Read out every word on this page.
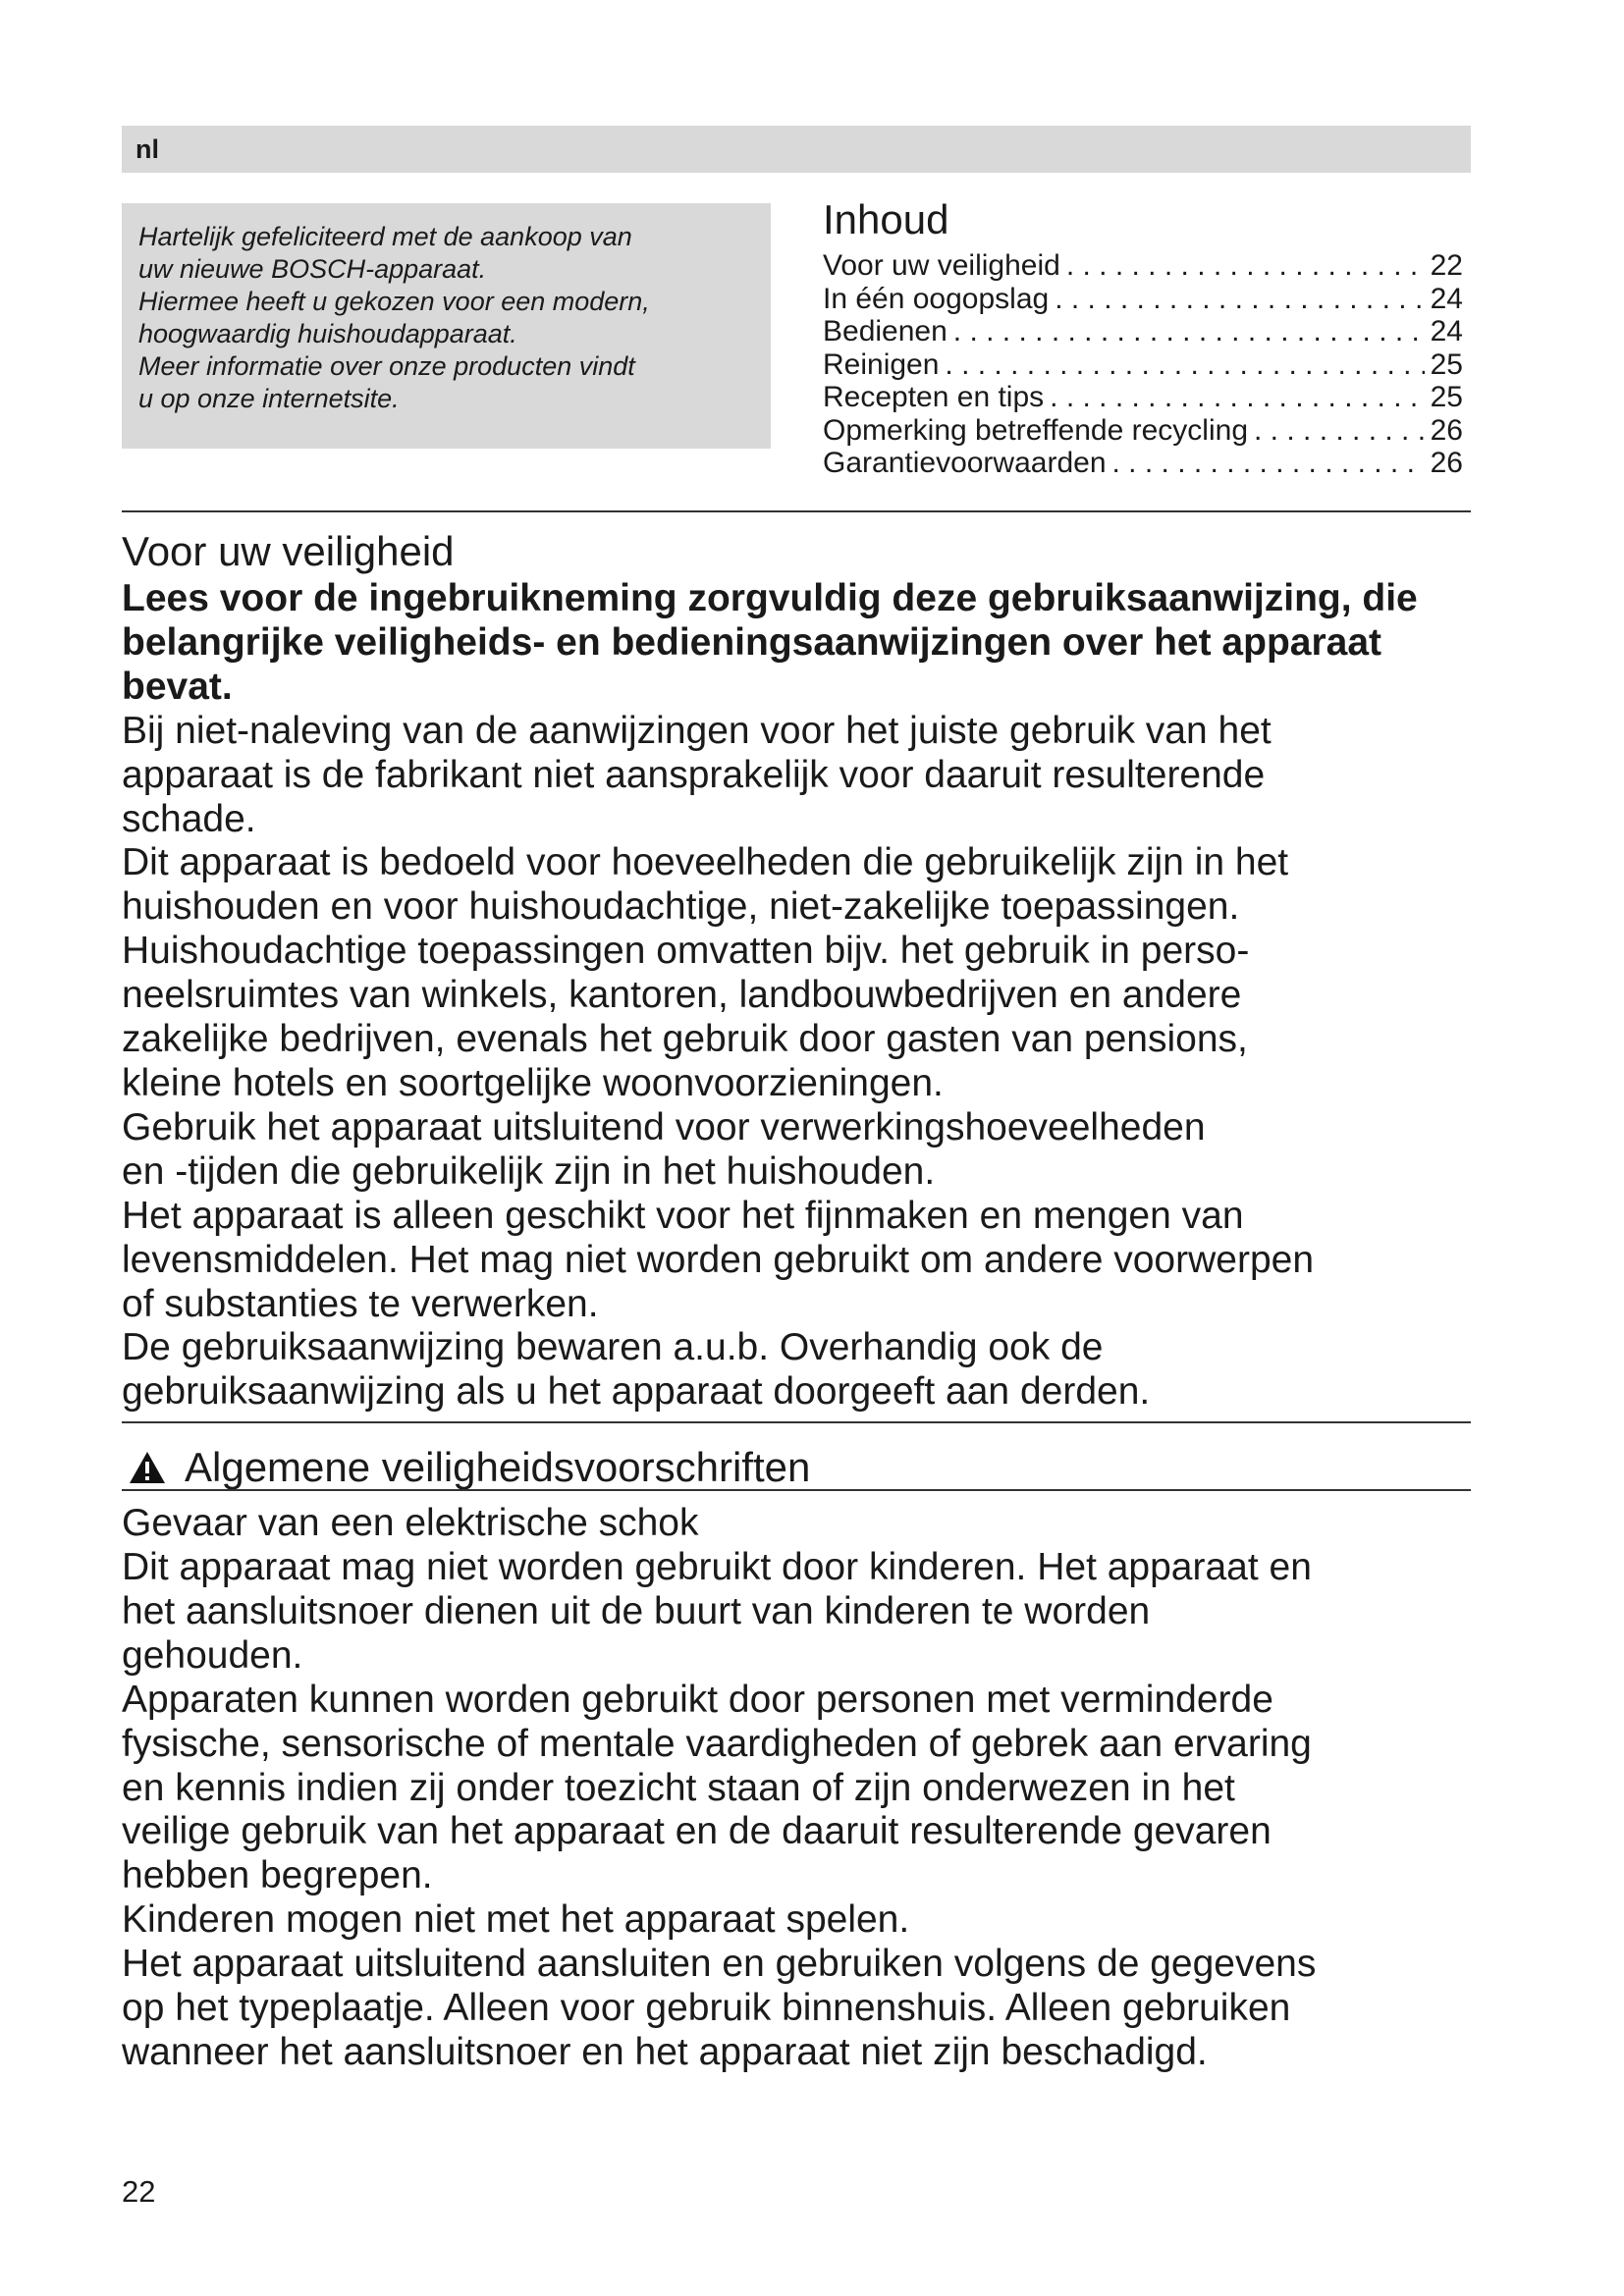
nl

Hartelijk gefeliciteerd met de aankoop van

uw nieuwe BOSCH-apparaat.

Hiermee heeft u gekozen voor een modern,

hoogwaardig huishoudapparaat.

Meer informatie over onze producten vindt

u op onze internetsite.

Inhoud
Voor uw veiligheid . . .	22
In één oogopslag . . .	24
Bedienen . . .	24
Reinigen . . .	25
Recepten en tips . . .	25
Opmerking betreffende recycling . . .	26
Garantievoorwaarden . . .	26
Voor uw veiligheid

Lees voor de ingebruikneming zorgvuldig deze gebruiksaanwijzing, die belangrijke veiligheids- en bedieningsaanwijzingen over het apparaat bevat.

Bij niet-naleving van de aanwijzingen voor het juiste gebruik van het

apparaat is de fabrikant niet aansprakelijk voor daaruit resulterende

schade.

Dit apparaat is bedoeld voor hoeveelheden die gebruikelijk zijn in het

huishouden en voor huishoudachtige, niet-zakelijke toepassingen.

Huishoudachtige toepassingen omvatten bijv. het gebruik in perso-

neelsruimtes van winkels, kantoren, landbouwbedrijven en andere

zakelijke bedrijven, evenals het gebruik door gasten van pensions,

kleine hotels en soortgelijke woonvoorzieningen.

Gebruik het apparaat uitsluitend voor verwerkingshoeveelheden

en -tijden die gebruikelijk zijn in het huishouden.

Het apparaat is alleen geschikt voor het fijnmaken en mengen van

levensmiddelen. Het mag niet worden gebruikt om andere voorwerpen

of substanties te verwerken.

De gebruiksaanwijzing bewaren a.u.b. Overhandig ook de

gebruiksaanwijzing als u het apparaat doorgeeft aan derden.

Algemene veiligheidsvoorschriften

Gevaar van een elektrische schok

Dit apparaat mag niet worden gebruikt door kinderen. Het apparaat en

het aansluitsnoer dienen uit de buurt van kinderen te worden

gehouden.

Apparaten kunnen worden gebruikt door personen met verminderde

fysische, sensorische of mentale vaardigheden of gebrek aan ervaring

en kennis indien zij onder toezicht staan of zijn onderwezen in het

veilige gebruik van het apparaat en de daaruit resulterende gevaren

hebben begrepen.

Kinderen mogen niet met het apparaat spelen.

Het apparaat uitsluitend aansluiten en gebruiken volgens de gegevens

op het typeplaatje. Alleen voor gebruik binnenshuis. Alleen gebruiken

wanneer het aansluitsnoer en het apparaat niet zijn beschadigd.

22
